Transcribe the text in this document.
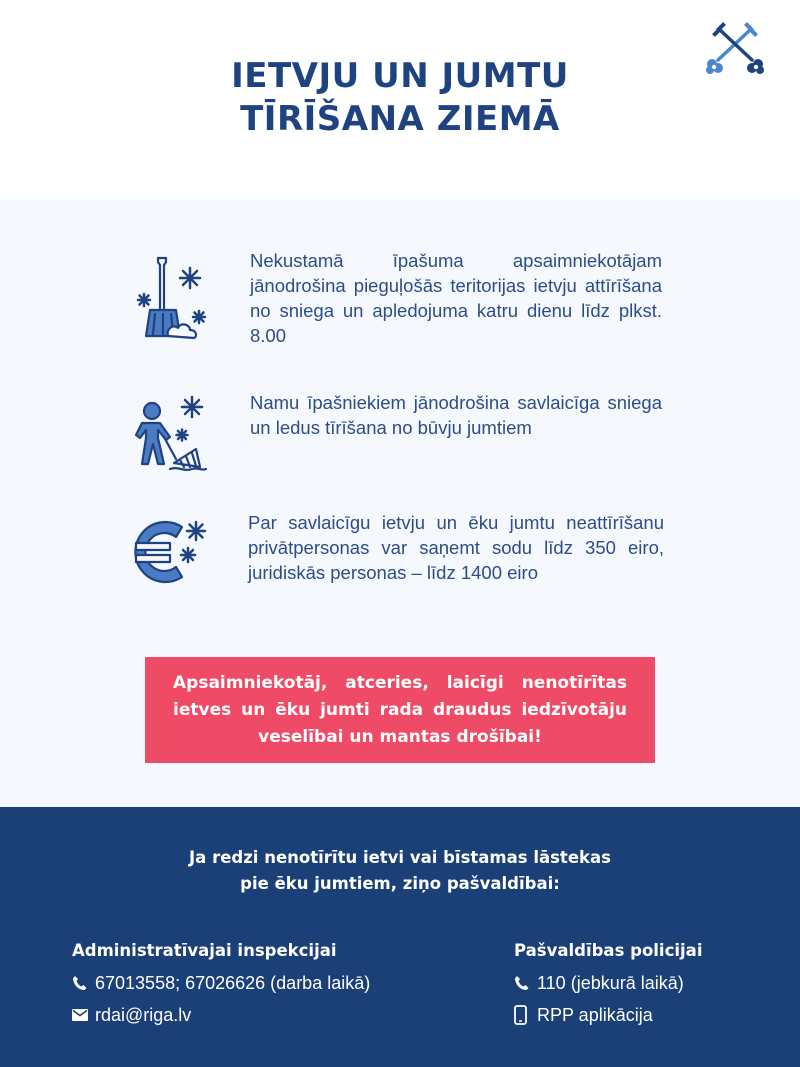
IETVJU UN JUMTU
TĪRĪŠANA ZIEMĀ
Nekustamā īpašuma apsaimniekotājam jānodrošina pieguļošās teritorijas ietvju attīrīšana no sniega un apledojuma katru dienu līdz plkst. 8.00
Namu īpašniekiem jānodrošina savlaicīga sniega un ledus tīrīšana no būvju jumtiem
Par savlaicīgu ietvju un ēku jumtu neattīrīšanu privātpersonas var saņemt sodu līdz 350 eiro, juridiskās personas – līdz 1400 eiro
Apsaimniekotāj, atceries, laicīgi nenotīrītas ietves un ēku jumti rada draudus iedzīvotāju veselībai un mantas drošībai!
Ja redzi nenotīrītu ietvi vai bīstamas lāstekas
pie ēku jumtiem, ziņo pašvaldībai:
Administratīvajai inspekcijai
67013558; 67026626 (darba laikā)
rdai@riga.lv
Pašvaldības policijai
110 (jebkurā laikā)
RPP aplikācija
